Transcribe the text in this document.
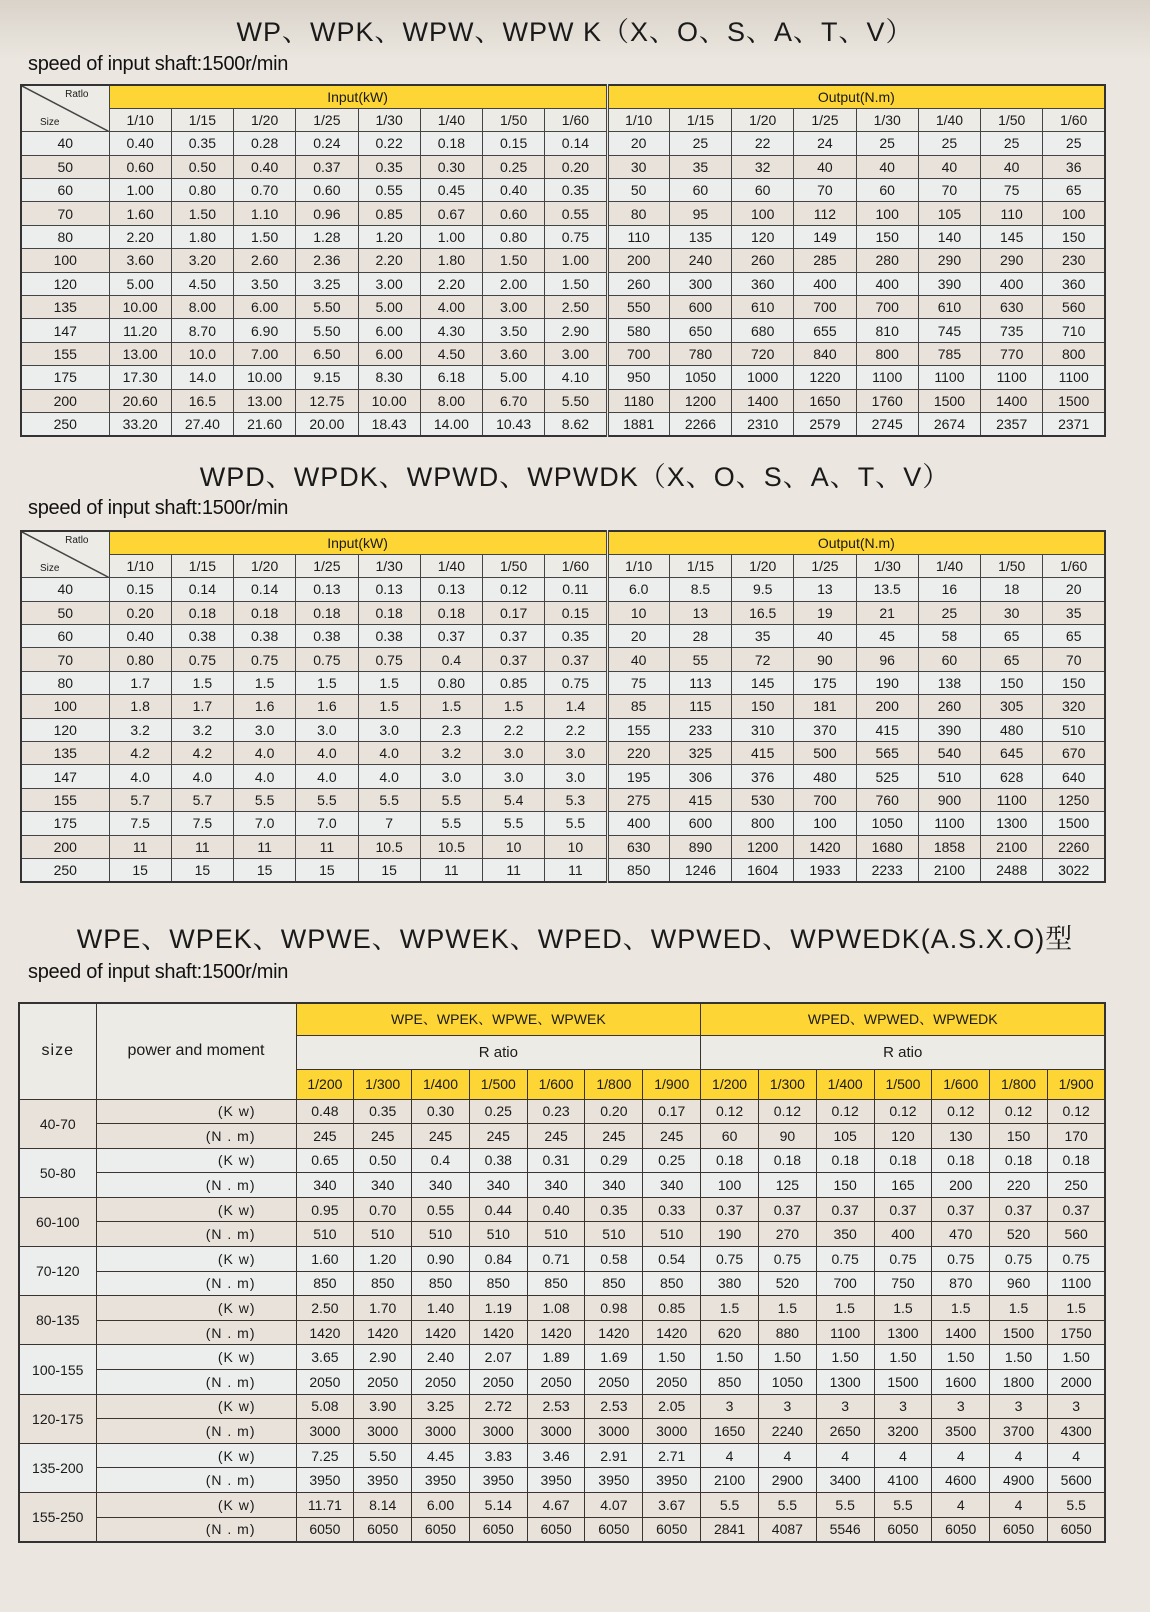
WP、WPK、WPW、WPW K（X、O、S、A、T、V）
speed of input shaft:1500r/min
Ratlo
Size	Input(kW)								Output(N.m)							
	1/10	1/15	1/20	1/25	1/30	1/40	1/50	1/60	1/10	1/15	1/20	1/25	1/30	1/40	1/50	1/60
40	0.40	0.35	0.28	0.24	0.22	0.18	0.15	0.14	20	25	22	24	25	25	25	25
50	0.60	0.50	0.40	0.37	0.35	0.30	0.25	0.20	30	35	32	40	40	40	40	36
60	1.00	0.80	0.70	0.60	0.55	0.45	0.40	0.35	50	60	60	70	60	70	75	65
70	1.60	1.50	1.10	0.96	0.85	0.67	0.60	0.55	80	95	100	112	100	105	110	100
80	2.20	1.80	1.50	1.28	1.20	1.00	0.80	0.75	110	135	120	149	150	140	145	150
100	3.60	3.20	2.60	2.36	2.20	1.80	1.50	1.00	200	240	260	285	280	290	290	230
120	5.00	4.50	3.50	3.25	3.00	2.20	2.00	1.50	260	300	360	400	400	390	400	360
135	10.00	8.00	6.00	5.50	5.00	4.00	3.00	2.50	550	600	610	700	700	610	630	560
147	11.20	8.70	6.90	5.50	6.00	4.30	3.50	2.90	580	650	680	655	810	745	735	710
155	13.00	10.0	7.00	6.50	6.00	4.50	3.60	3.00	700	780	720	840	800	785	770	800
175	17.30	14.0	10.00	9.15	8.30	6.18	5.00	4.10	950	1050	1000	1220	1100	1100	1100	1100
200	20.60	16.5	13.00	12.75	10.00	8.00	6.70	5.50	1180	1200	1400	1650	1760	1500	1400	1500
250	33.20	27.40	21.60	20.00	18.43	14.00	10.43	8.62	1881	2266	2310	2579	2745	2674	2357	2371
WPD、WPDK、WPWD、WPWDK（X、O、S、A、T、V）
speed of input shaft:1500r/min
Ratlo
Size	Input(kW)								Output(N.m)							
	1/10	1/15	1/20	1/25	1/30	1/40	1/50	1/60	1/10	1/15	1/20	1/25	1/30	1/40	1/50	1/60
40	0.15	0.14	0.14	0.13	0.13	0.13	0.12	0.11	6.0	8.5	9.5	13	13.5	16	18	20
50	0.20	0.18	0.18	0.18	0.18	0.18	0.17	0.15	10	13	16.5	19	21	25	30	35
60	0.40	0.38	0.38	0.38	0.38	0.37	0.37	0.35	20	28	35	40	45	58	65	65
70	0.80	0.75	0.75	0.75	0.75	0.4	0.37	0.37	40	55	72	90	96	60	65	70
80	1.7	1.5	1.5	1.5	1.5	0.80	0.85	0.75	75	113	145	175	190	138	150	150
100	1.8	1.7	1.6	1.6	1.5	1.5	1.5	1.4	85	115	150	181	200	260	305	320
120	3.2	3.2	3.0	3.0	3.0	2.3	2.2	2.2	155	233	310	370	415	390	480	510
135	4.2	4.2	4.0	4.0	4.0	3.2	3.0	3.0	220	325	415	500	565	540	645	670
147	4.0	4.0	4.0	4.0	4.0	3.0	3.0	3.0	195	306	376	480	525	510	628	640
155	5.7	5.7	5.5	5.5	5.5	5.5	5.4	5.3	275	415	530	700	760	900	1100	1250
175	7.5	7.5	7.0	7.0	7	5.5	5.5	5.5	400	600	800	100	1050	1100	1300	1500
200	11	11	11	11	10.5	10.5	10	10	630	890	1200	1420	1680	1858	2100	2260
250	15	15	15	15	15	11	11	11	850	1246	1604	1933	2233	2100	2488	3022
WPE、WPEK、WPWE、WPWEK、WPED、WPWED、WPWEDK(A.S.X.O)型
speed of input shaft:1500r/min
size	power and moment	WPE、WPEK、WPWE、WPWEK							WPED、WPWED、WPWEDK						
		R atio							R atio						
		1/200	1/300	1/400	1/500	1/600	1/800	1/900	1/200	1/300	1/400	1/500	1/600	1/800	1/900
40-70	(K w)	0.48	0.35	0.30	0.25	0.23	0.20	0.17	0.12	0.12	0.12	0.12	0.12	0.12	0.12
	(N . m)	245	245	245	245	245	245	245	60	90	105	120	130	150	170
50-80	(K w)	0.65	0.50	0.4	0.38	0.31	0.29	0.25	0.18	0.18	0.18	0.18	0.18	0.18	0.18
	(N . m)	340	340	340	340	340	340	340	100	125	150	165	200	220	250
60-100	(K w)	0.95	0.70	0.55	0.44	0.40	0.35	0.33	0.37	0.37	0.37	0.37	0.37	0.37	0.37
	(N . m)	510	510	510	510	510	510	510	190	270	350	400	470	520	560
70-120	(K w)	1.60	1.20	0.90	0.84	0.71	0.58	0.54	0.75	0.75	0.75	0.75	0.75	0.75	0.75
	(N . m)	850	850	850	850	850	850	850	380	520	700	750	870	960	1100
80-135	(K w)	2.50	1.70	1.40	1.19	1.08	0.98	0.85	1.5	1.5	1.5	1.5	1.5	1.5	1.5
	(N . m)	1420	1420	1420	1420	1420	1420	1420	620	880	1100	1300	1400	1500	1750
100-155	(K w)	3.65	2.90	2.40	2.07	1.89	1.69	1.50	1.50	1.50	1.50	1.50	1.50	1.50	1.50
	(N . m)	2050	2050	2050	2050	2050	2050	2050	850	1050	1300	1500	1600	1800	2000
120-175	(K w)	5.08	3.90	3.25	2.72	2.53	2.53	2.05	3	3	3	3	3	3	3
	(N . m)	3000	3000	3000	3000	3000	3000	3000	1650	2240	2650	3200	3500	3700	4300
135-200	(K w)	7.25	5.50	4.45	3.83	3.46	2.91	2.71	4	4	4	4	4	4	4
	(N . m)	3950	3950	3950	3950	3950	3950	3950	2100	2900	3400	4100	4600	4900	5600
155-250	(K w)	11.71	8.14	6.00	5.14	4.67	4.07	3.67	5.5	5.5	5.5	5.5	4	4	5.5
	(N . m)	6050	6050	6050	6050	6050	6050	6050	2841	4087	5546	6050	6050	6050	6050
